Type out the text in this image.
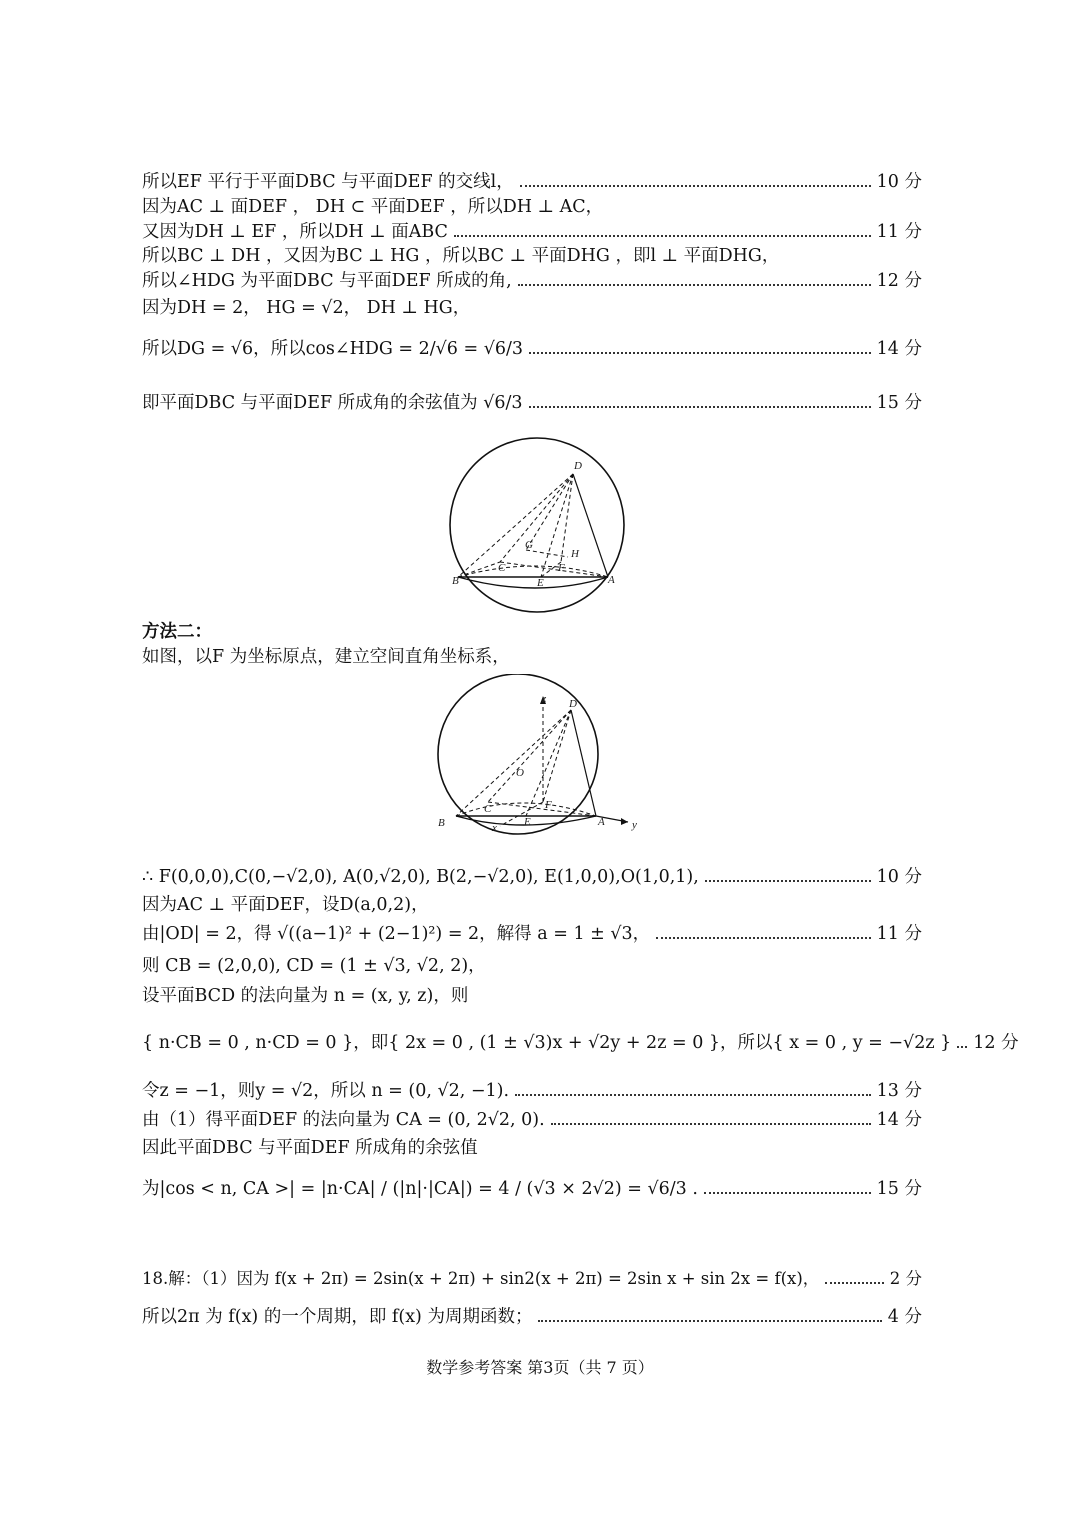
所以EF 平行于平面DBC 与平面DEF 的交线l，	10 分
因为AC ⊥ 面DEF ， DH ⊂ 平面DEF ，所以DH ⊥ AC，
又因为DH ⊥ EF ，所以DH ⊥ 面ABC	11 分
所以BC ⊥ DH ，又因为BC ⊥ HG ，所以BC ⊥ 平面DHG ，即l ⊥ 平面DHG，
所以∠HDG 为平面DBC 与平面DEF 所成的角,	12 分
因为DH = 2， HG = √2， DH ⊥ HG，
所以DG = √6，所以cos∠HDG = 2/√6 = √6/3	14 分
即平面DBC 与平面DEF 所成角的余弦值为 √6/3	15 分
D
G
H
C	F
B	E	A
方法二：
如图，以F 为坐标原点，建立空间直角坐标系，
z D
O
C	F
B	E	A
x	y
∴ F(0,0,0),C(0,−√2,0), A(0,√2,0), B(2,−√2,0), E(1,0,0),O(1,0,1),	10 分
因为AC ⊥ 平面DEF，设D(a,0,2)，
由|OD| = 2，得 √((a−1)² + (2−1)²) = 2，解得 a = 1 ± √3，	11 分
则 CB = (2,0,0), CD = (1 ± √3, √2, 2)，
设平面BCD 的法向量为 n = (x, y, z)，则
{ n·CB = 0 , n·CD = 0 }，即{ 2x = 0 , (1 ± √3)x + √2y + 2z = 0 }，所以{ x = 0 , y = −√2z } 12 分
令z = −1，则y = √2，所以 n = (0, √2, −1).	13 分
由（1）得平面DEF 的法向量为 CA = (0, 2√2, 0).	14 分
因此平面DBC 与平面DEF 所成角的余弦值
为|cos < n, CA >| = |n·CA| / (|n|·|CA|) = 4 / (√3 × 2√2) = √6/3 .	15 分
18.解：（1）因为 f(x + 2π) = 2sin(x + 2π) + sin2(x + 2π) = 2sin x + sin 2x = f(x)，	2 分
所以2π 为 f(x) 的一个周期，即 f(x) 为周期函数；	4 分
数学参考答案 第3页（共 7 页）
